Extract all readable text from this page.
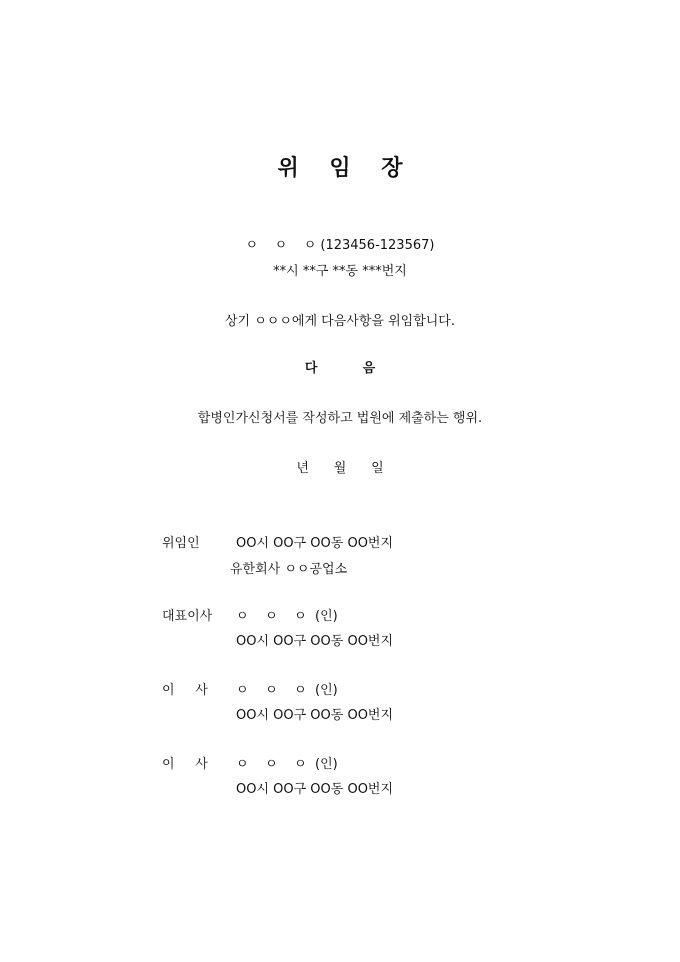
위    임    장
ㅇ    ㅇ    ㅇ (123456-123567)
**시 **구 **동 ***번지
상기 ㅇㅇㅇ에게 다음사항을 위임합니다.
다          음
합병인가신청서를 작성하고 법원에 제출하는 행위.
년      월      일
위임인	OO시 OO구 OO동 OO번지
유한회사 ㅇㅇ공업소
대표이사 ㅇ    ㅇ    ㅇ  (인)
OO시 OO구 OO동 OO번지
이     사 ㅇ    ㅇ    ㅇ  (인)
OO시 OO구 OO동 OO번지
이     사 ㅇ    ㅇ    ㅇ  (인)
OO시 OO구 OO동 OO번지
